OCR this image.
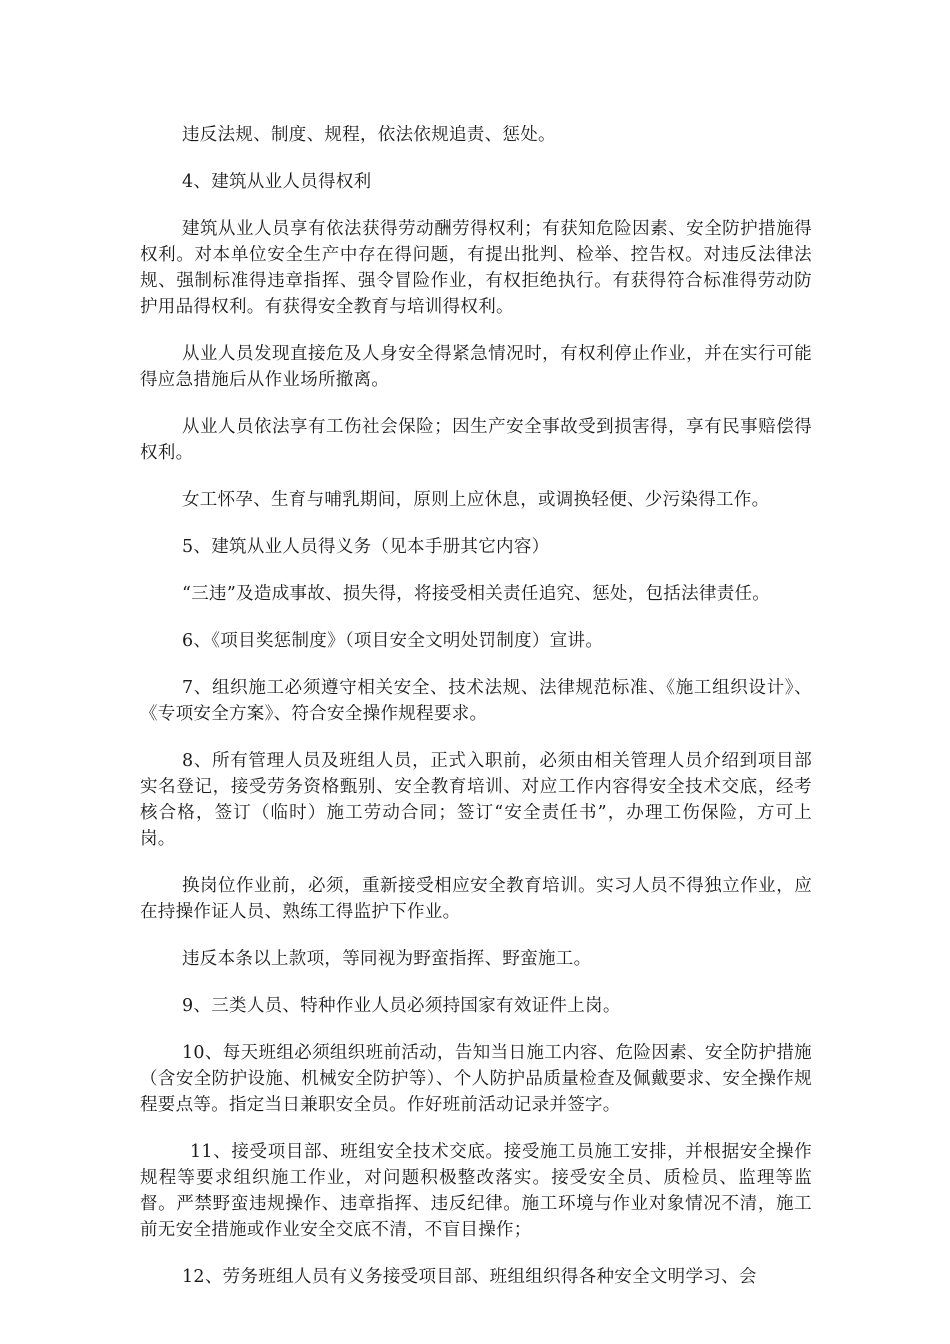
违反法规、制度、规程，依法依规追责、惩处。

4、建筑从业人员得权利

建筑从业人员享有依法获得劳动酬劳得权利；有获知危险因素、安全防护措施得权利。对本单位安全生产中存在得问题，有提出批判、检举、控告权。对违反法律法规、强制标准得违章指挥、强令冒险作业，有权拒绝执行。有获得符合标准得劳动防护用品得权利。有获得安全教育与培训得权利。

从业人员发现直接危及人身安全得紧急情况时，有权利停止作业，并在实行可能得应急措施后从作业场所撤离。

从业人员依法享有工伤社会保险；因生产安全事故受到损害得，享有民事赔偿得权利。

女工怀孕、生育与哺乳期间，原则上应休息，或调换轻便、少污染得工作。

5、建筑从业人员得义务（见本手册其它内容）

“三违”及造成事故、损失得，将接受相关责任追究、惩处，包括法律责任。

6、《项目奖惩制度》（项目安全文明处罚制度）宣讲。

7、组织施工必须遵守相关安全、技术法规、法律规范标准、《施工组织设计》、《专项安全方案》、符合安全操作规程要求。

8、所有管理人员及班组人员，正式入职前，必须由相关管理人员介绍到项目部实名登记，接受劳务资格甄别、安全教育培训、对应工作内容得安全技术交底，经考核合格，签订（临时）施工劳动合同；签订“安全责任书”，办理工伤保险，方可上岗。

换岗位作业前，必须，重新接受相应安全教育培训。实习人员不得独立作业，应在持操作证人员、熟练工得监护下作业。

违反本条以上款项，等同视为野蛮指挥、野蛮施工。

9、三类人员、特种作业人员必须持国家有效证件上岗。

10、每天班组必须组织班前活动，告知当日施工内容、危险因素、安全防护措施（含安全防护设施、机械安全防护等）、个人防护品质量检查及佩戴要求、安全操作规程要点等。指定当日兼职安全员。作好班前活动记录并签字。

11、接受项目部、班组安全技术交底。接受施工员施工安排，并根据安全操作规程等要求组织施工作业，对问题积极整改落实。接受安全员、质检员、监理等监督。严禁野蛮违规操作、违章指挥、违反纪律。施工环境与作业对象情况不清，施工前无安全措施或作业安全交底不清，不盲目操作；

12、劳务班组人员有义务接受项目部、班组组织得各种安全文明学习、会
